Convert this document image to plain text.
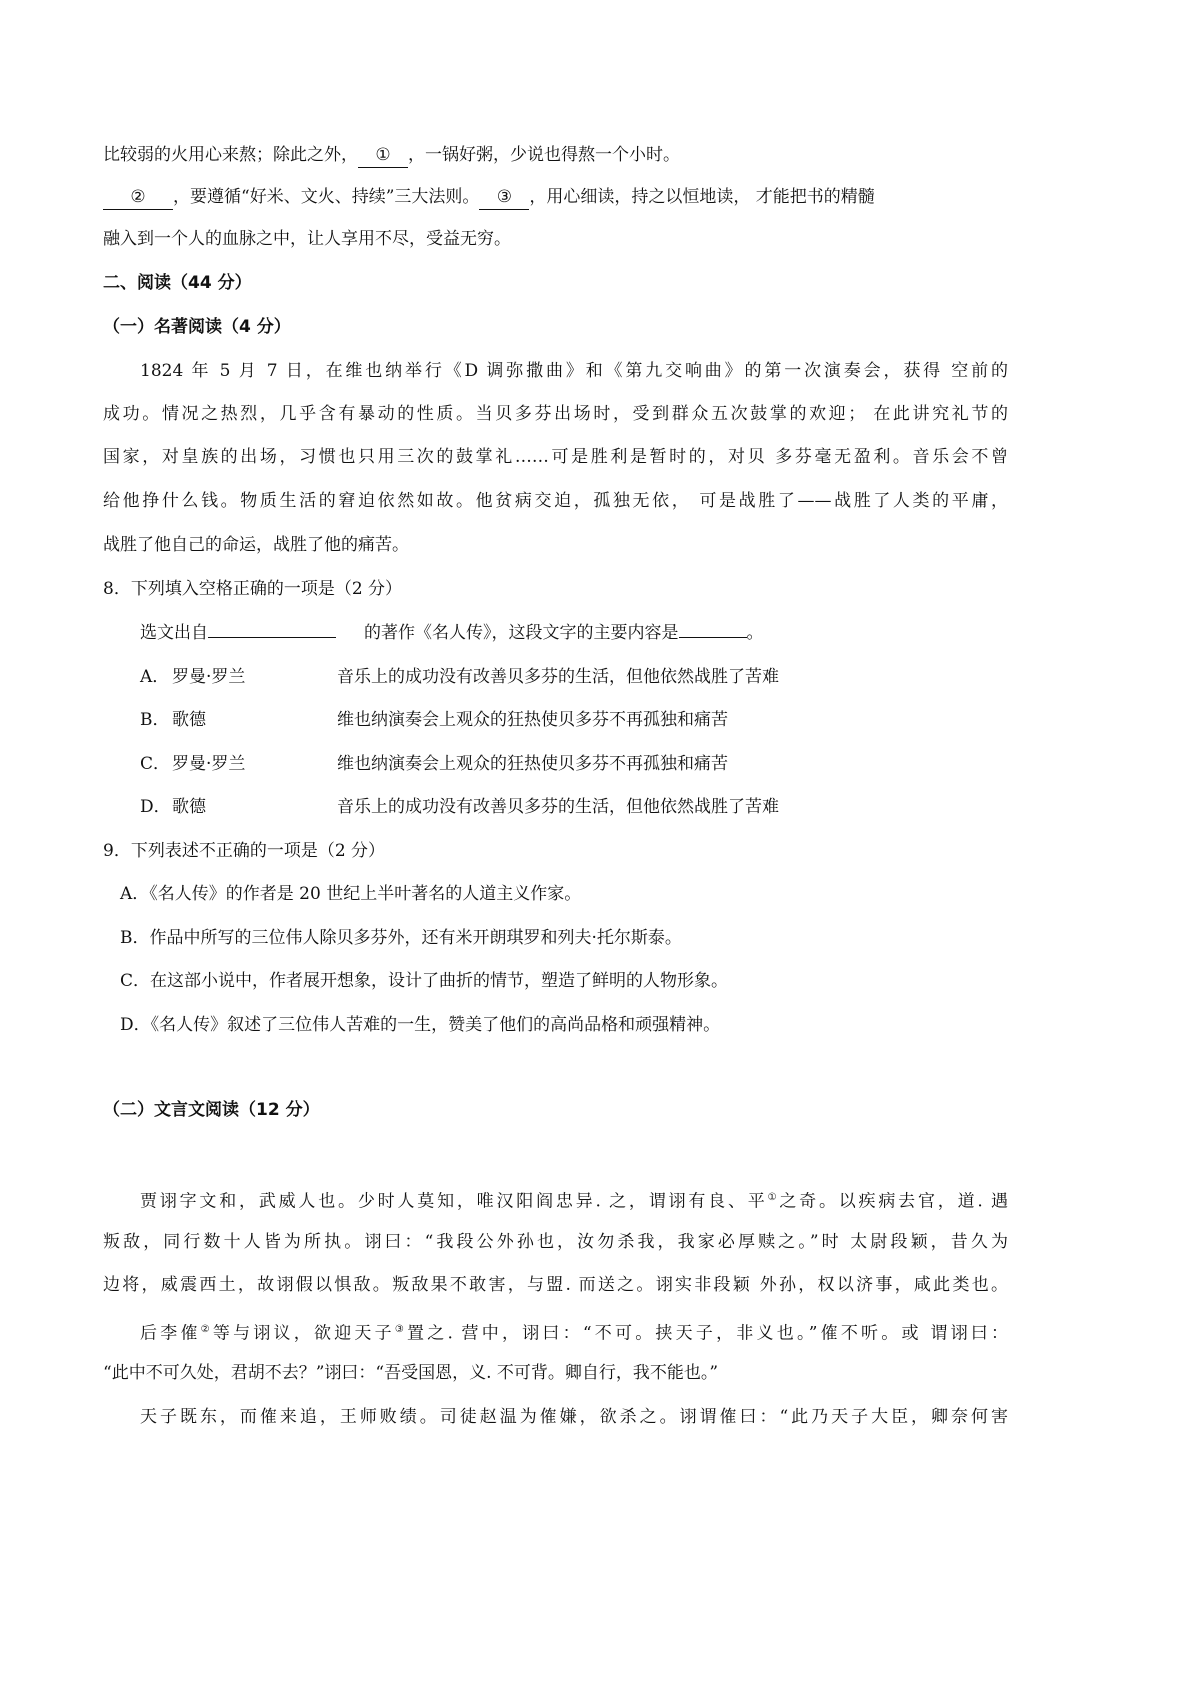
比较弱的火用心来熬；除此之外， ① ，一锅好粥，少说也得熬一个小时。
② ，要遵循“好米、文火、持续”三大法则。 ③ ，用心细读，持之以恒地读， 才能把书的精髓
融入到一个人的血脉之中，让人享用不尽，受益无穷。
二、阅读（44 分）
（一）名著阅读（4 分）
1824 年 5 月 7 日，在维也纳举行《D 调弥撒曲》和《第九交响曲》的第一次演奏会，获得 空前的
成功。情况之热烈，几乎含有暴动的性质。当贝多芬出场时，受到群众五次鼓掌的欢迎； 在此讲究礼节的
国家，对皇族的出场，习惯也只用三次的鼓掌礼……可是胜利是暂时的，对贝 多芬毫无盈利。音乐会不曾
给他挣什么钱。物质生活的窘迫依然如故。他贫病交迫，孤独无依， 可是战胜了——战胜了人类的平庸，
战胜了他自己的命运，战胜了他的痛苦。
8．下列填入空格正确的一项是（2 分）
选文出自	的著作《名人传》，这段文字的主要内容是	。
A． 罗曼·罗兰	音乐上的成功没有改善贝多芬的生活，但他依然战胜了苦难
B． 歌德	维也纳演奏会上观众的狂热使贝多芬不再孤独和痛苦
C． 罗曼·罗兰	维也纳演奏会上观众的狂热使贝多芬不再孤独和痛苦
D． 歌德	音乐上的成功没有改善贝多芬的生活，但他依然战胜了苦难
9．下列表述不正确的一项是（2 分）
A．《名人传》的作者是 20 世纪上半叶著名的人道主义作家。
B．作品中所写的三位伟人除贝多芬外，还有米开朗琪罗和列夫·托尔斯泰。
C．在这部小说中，作者展开想象，设计了曲折的情节，塑造了鲜明的人物形象。
D．《名人传》叙述了三位伟人苦难的一生，赞美了他们的高尚品格和顽强精神。
（二）文言文阅读（12 分）
贾诩字文和，武威人也。少时人莫知，唯汉阳阎忠异. 之，谓诩有良、平①之奇。以疾病去官，道. 遇
叛敌，同行数十人皆为所执。诩曰：“我段公外孙也，汝勿杀我，我家必厚赎之。”时 太尉段颖，昔久为
边将，威震西土，故诩假以惧敌。叛敌果不敢害，与盟. 而送之。诩实非段颖 外孙，权以济事，咸此类也。
后李傕②等与诩议，欲迎天子③置之. 营中，诩曰：“不可。挟天子，非义也。”傕不听。或 谓诩曰：
“此中不可久处，君胡不去？”诩曰：“吾受国恩，义. 不可背。卿自行，我不能也。”
天子既东，而傕来追，王师败绩。司徒赵温为傕嫌，欲杀之。诩谓傕曰：“此乃天子大臣，卿奈何害
